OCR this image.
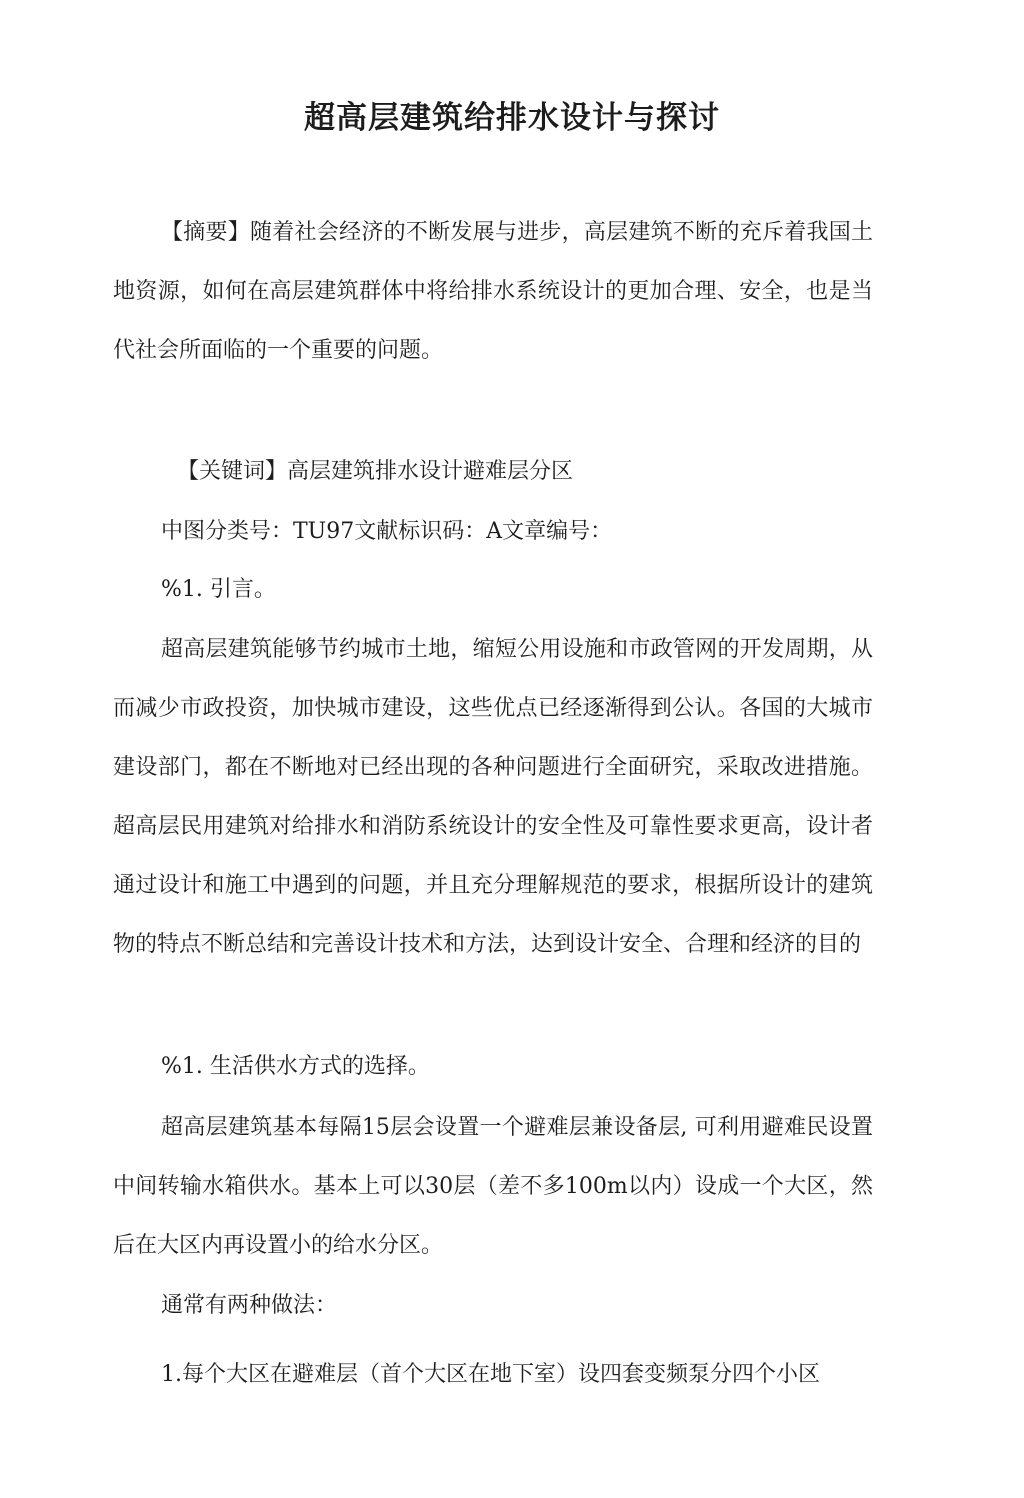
超高层建筑给排水设计与探讨

【摘要】随着社会经济的不断发展与进步，高层建筑不断的充斥着我国土地资源，如何在高层建筑群体中将给排水系统设计的更加合理、安全，也是当代社会所面临的一个重要的问题。

【关键词】高层建筑排水设计避难层分区

中图分类号：TU97文献标识码：A文章编号：

%1. 引言。

超高层建筑能够节约城市土地，缩短公用设施和市政管网的开发周期，从而减少市政投资，加快城市建设，这些优点已经逐渐得到公认。各国的大城市建设部门，都在不断地对已经出现的各种问题进行全面研究，采取改进措施。超高层民用建筑对给排水和消防系统设计的安全性及可靠性要求更高，设计者通过设计和施工中遇到的问题，并且充分理解规范的要求，根据所设计的建筑物的特点不断总结和完善设计技术和方法，达到设计安全、合理和经济的目的

%1. 生活供水方式的选择。

超高层建筑基本每隔15层会设置一个避难层兼设备层, 可利用避难民设置中间转输水箱供水。基本上可以30层（差不多100m以内）设成一个大区，然后在大区内再设置小的给水分区。

通常有两种做法：

1.每个大区在避难层（首个大区在地下室）设四套变频泵分四个小区
